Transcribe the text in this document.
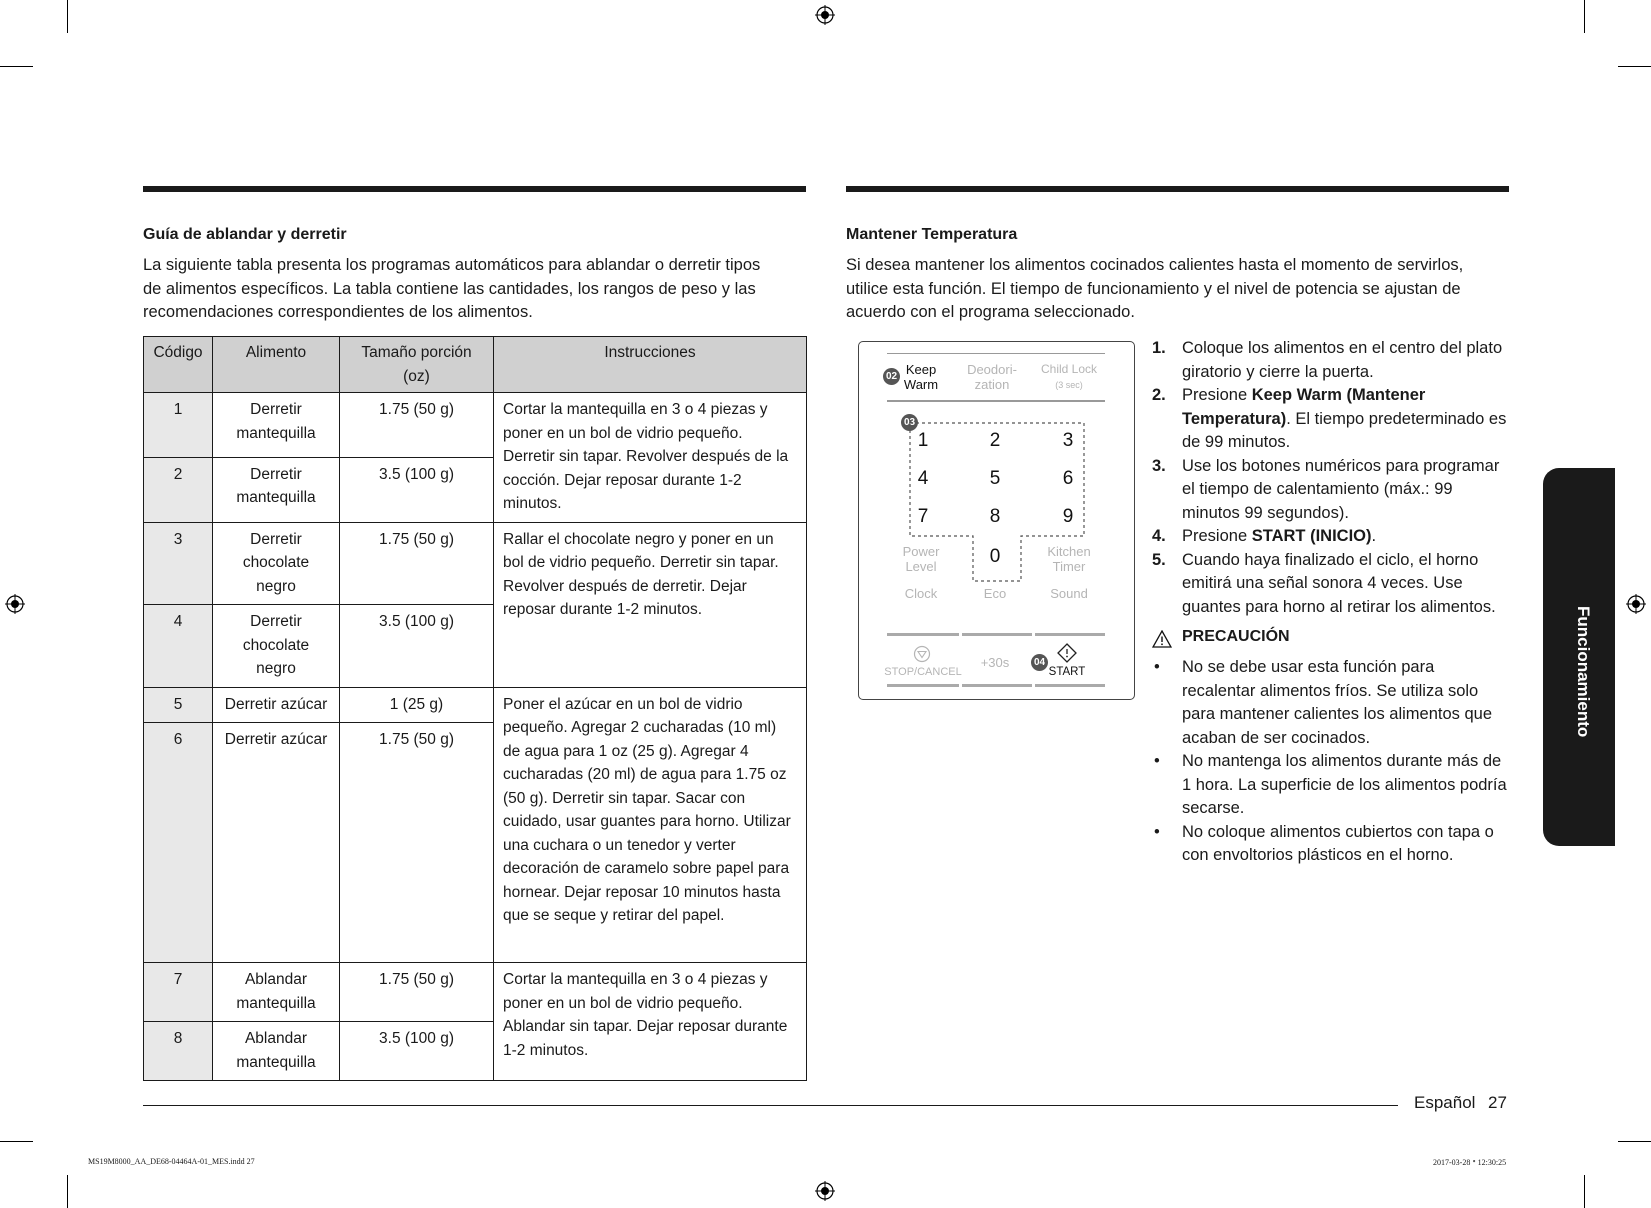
Guía de ablandar y derretir
La siguiente tabla presenta los programas automáticos para ablandar o derretir tipos de alimentos específicos. La tabla contiene las cantidades, los rangos de peso y las recomendaciones correspondientes de los alimentos.
Código	Alimento	Tamaño porción (oz)	Instrucciones
1	Derretir mantequilla	1.75 (50 g)	Cortar la mantequilla en 3 o 4 piezas y poner en un bol de vidrio pequeño. Derretir sin tapar. Revolver después de la cocción. Dejar reposar durante 1-2 minutos.
2	Derretir mantequilla	3.5 (100 g)	
3	Derretir chocolate negro	1.75 (50 g)	Rallar el chocolate negro y poner en un bol de vidrio pequeño. Derretir sin tapar. Revolver después de derretir. Dejar reposar durante 1-2 minutos.
4	Derretir chocolate negro	3.5 (100 g)	
5	Derretir azúcar	1 (25 g)	Poner el azúcar en un bol de vidrio pequeño. Agregar 2 cucharadas (10 ml) de agua para 1 oz (25 g). Agregar 4 cucharadas (20 ml) de agua para 1.75 oz (50 g). Derretir sin tapar. Sacar con cuidado, usar guantes para horno. Utilizar una cuchara o un tenedor y verter decoración de caramelo sobre papel para hornear. Dejar reposar 10 minutos hasta que se seque y retirar del papel.
6	Derretir azúcar	1.75 (50 g)	
7	Ablandar mantequilla	1.75 (50 g)	Cortar la mantequilla en 3 o 4 piezas y poner en un bol de vidrio pequeño. Ablandar sin tapar. Dejar reposar durante 1-2 minutos.
8	Ablandar mantequilla	3.5 (100 g)	
Mantener Temperatura
Si desea mantener los alimentos cocinados calientes hasta el momento de servirlos, utilice esta función. El tiempo de funcionamiento y el nivel de potencia se ajustan de acuerdo con el programa seleccionado.
02 Keep
Warm
Deodori-
zation
Child Lock
(3 sec)
03
1	2	3
4	5	6
7	8	9
Power
Level	0	Kitchen
Timer
Clock	Eco	Sound
STOP/CANCEL
+30s	04
START
1. Coloque los alimentos en el centro del plato giratorio y cierre la puerta.
2. Presione Keep Warm (Mantener Temperatura). El tiempo predeterminado es de 99 minutos.
3. Use los botones numéricos para programar el tiempo de calentamiento (máx.: 99 minutos 99 segundos).
4. Presione START (INICIO).
5. Cuando haya finalizado el ciclo, el horno emitirá una señal sonora 4 veces. Use guantes para horno al retirar los alimentos.
PRECAUCIÓN
• No se debe usar esta función para recalentar alimentos fríos. Se utiliza solo para mantener calientes los alimentos que acaban de ser cocinados.
• No mantenga los alimentos durante más de 1 hora. La superficie de los alimentos podría secarse.
• No coloque alimentos cubiertos con tapa o con envoltorios plásticos en el horno.
Funcionamiento
Español 27
MS19M8000_AA_DE68-04464A-01_MES.indd 27	2017-03-28 ꢀ 12:30:25
